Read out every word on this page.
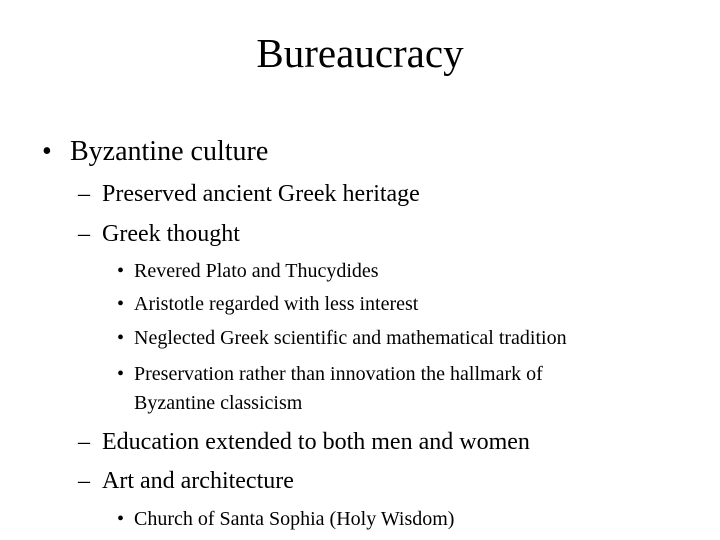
Bureaucracy
• Byzantine culture
– Preserved ancient Greek heritage
– Greek thought
• Revered Plato and Thucydides
• Aristotle regarded with less interest
• Neglected Greek scientific and mathematical tradition
• Preservation rather than innovation the hallmark of
Byzantine classicism
– Education extended to both men and women
– Art and architecture
• Church of Santa Sophia (Holy Wisdom)
